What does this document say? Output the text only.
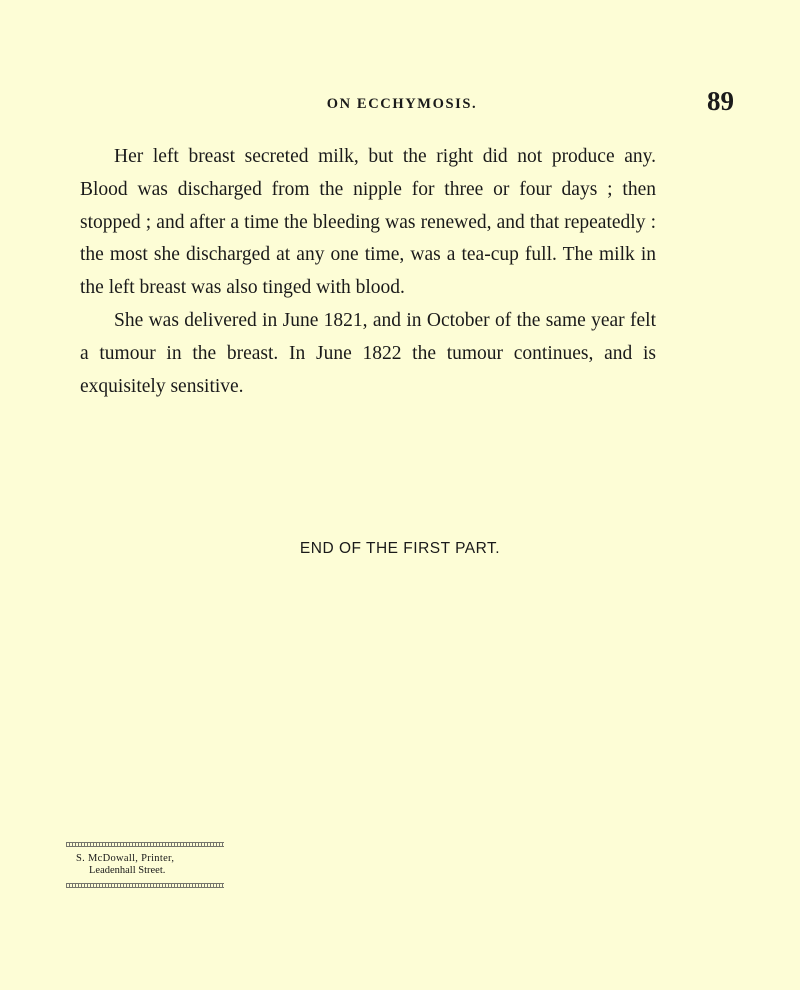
ON ECCHYMOSIS.	89

Her left breast secreted milk, but the right did not produce any. Blood was discharged from the nipple for three or four days ; then stopped ; and after a time the bleeding was renewed, and that repeatedly : the most she discharged at any one time, was a tea-cup full. The milk in the left breast was also tinged with blood.

She was delivered in June 1821, and in October of the same year felt a tumour in the breast. In June 1822 the tumour continues, and is exquisitely sensitive.

END OF THE FIRST PART.
S. McDowall, Printer,
Leadenhall Street.
